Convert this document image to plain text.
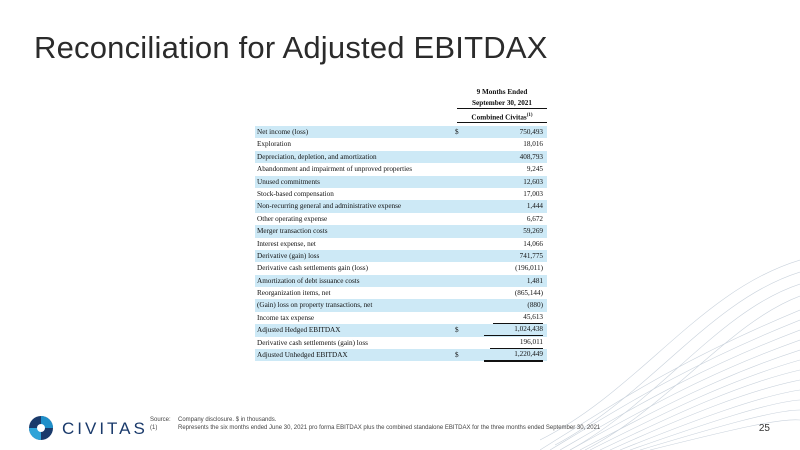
Reconciliation for Adjusted EBITDAX
9 Months Ended
September 30, 2021
Combined Civitas$^{(1)}$
Net income (loss)	$	750,493
Exploration	18,016
Depreciation, depletion, and amortization	408,793
Abandonment and impairment of unproved properties	9,245
Unused commitments	12,603
Stock-based compensation	17,003
Non-recurring general and administrative expense	1,444
Other operating expense	6,672
Merger transaction costs	59,269
Interest expense, net	14,066
Derivative (gain) loss	741,775
Derivative cash settlements gain (loss)	(196,011)
Amortization of debt issuance costs	1,481
Reorganization items, net	(865,144)
(Gain) loss on property transactions, net	(880)
Income tax expense	45,613
Adjusted Hedged EBITDAX	$	1,024,438
Derivative cash settlements (gain) loss	196,011
Adjusted Unhedged EBITDAX	$	1,220,449
CIVITAS Source: Company disclosure. $ in thousands.
(1)	Represents the six months ended June 30, 2021 pro forma EBITDAX plus the combined standalone EBITDAX for the three months ended September 30, 2021	25
